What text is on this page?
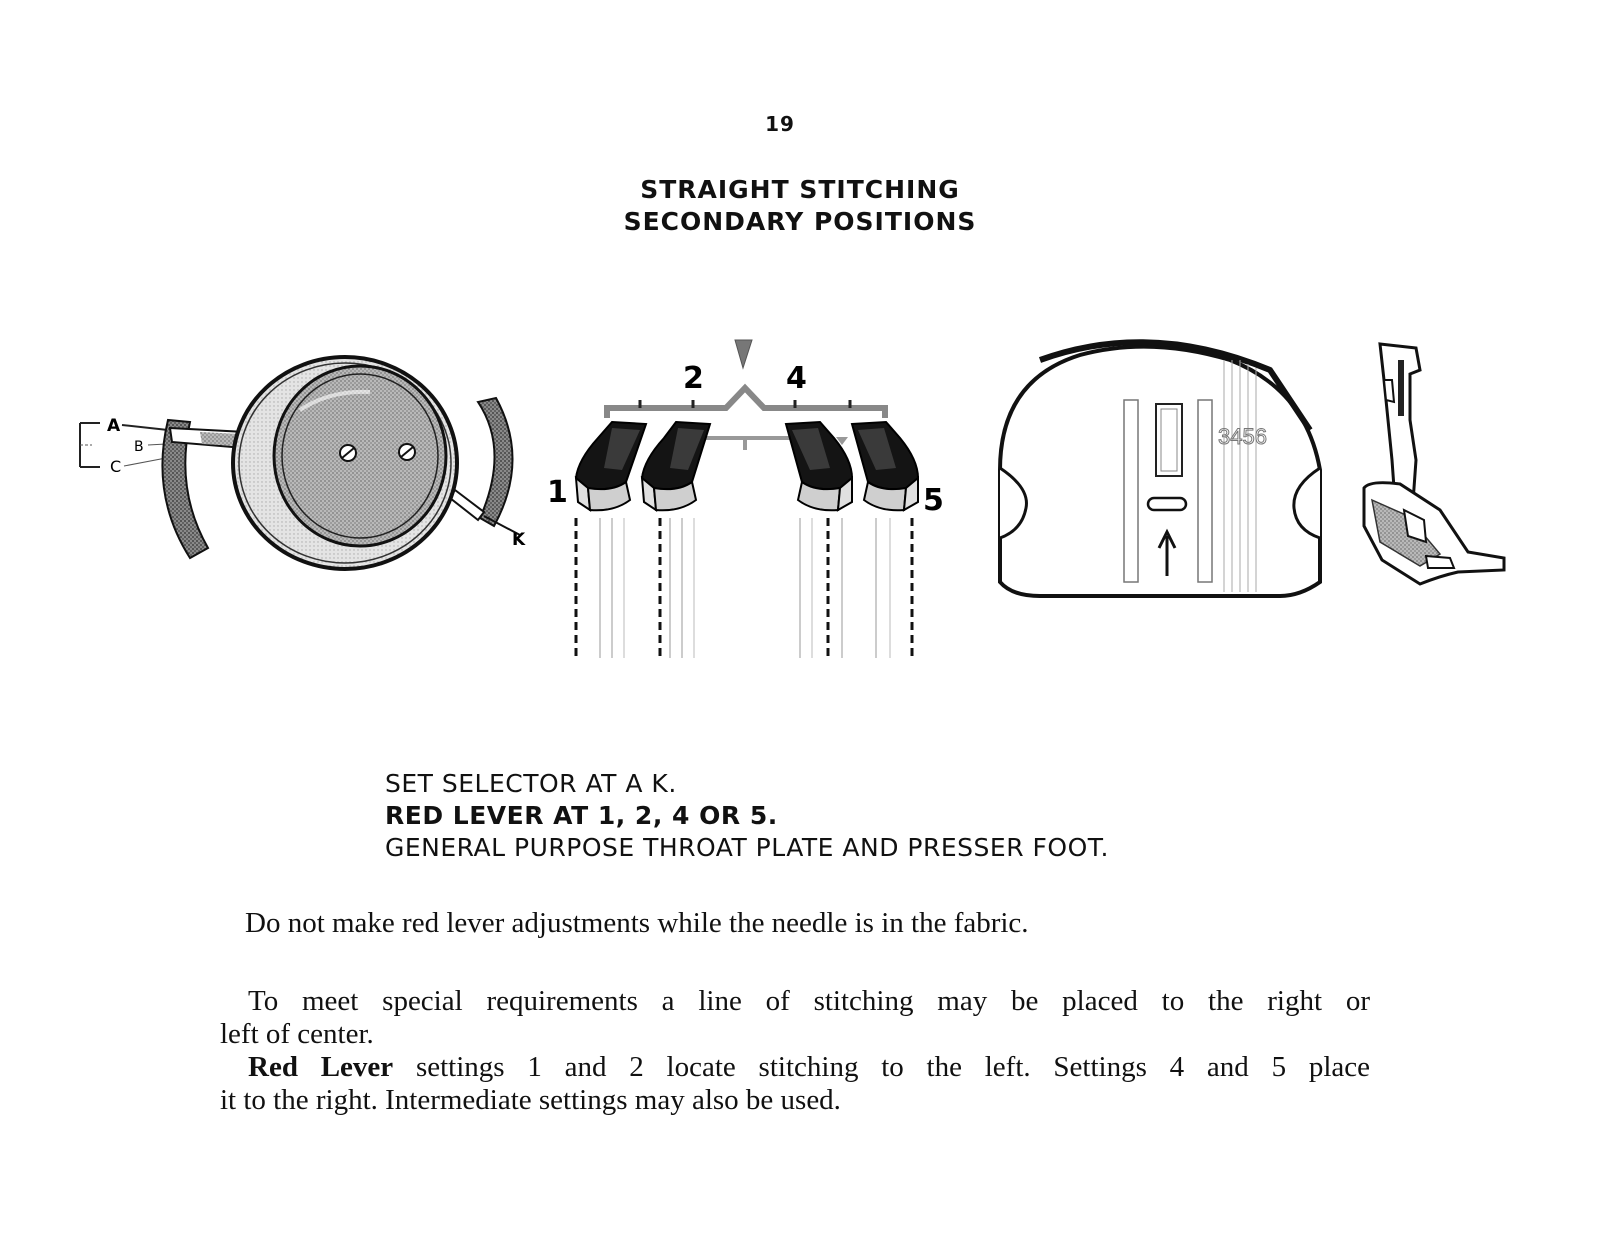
19
STRAIGHT STITCHING
SECONDARY POSITIONS
A
B
C
K
2	4
1	5
3456
SET SELECTOR AT A K.
RED LEVER AT 1, 2, 4 OR 5.
GENERAL PURPOSE THROAT PLATE AND PRESSER FOOT.
Do not make red lever adjustments while the needle is in the fabric.
To meet special requirements a line of stitching may be placed to the right or
left of center.
Red Lever settings 1 and 2 locate stitching to the left. Settings 4 and 5 place
it to the right. Intermediate settings may also be used.
